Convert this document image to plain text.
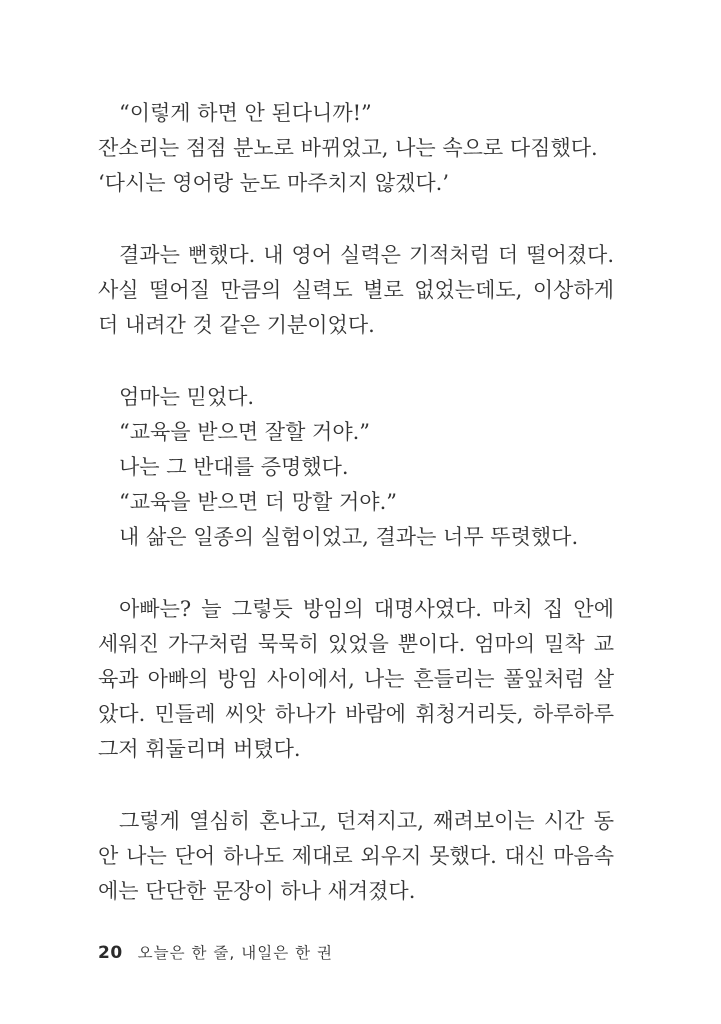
“이렇게 하면 안 된다니까!”

잔소리는 점점 분노로 바뀌었고, 나는 속으로 다짐했다.

‘다시는 영어랑 눈도 마주치지 않겠다.’

결과는 뻔했다. 내 영어 실력은 기적처럼 더 떨어졌다. 사실 떨어질 만큼의 실력도 별로 없었는데도, 이상하게 더 내려간 것 같은 기분이었다.

엄마는 믿었다.

“교육을 받으면 잘할 거야.”

나는 그 반대를 증명했다.

“교육을 받으면 더 망할 거야.”

내 삶은 일종의 실험이었고, 결과는 너무 뚜렷했다.

아빠는? 늘 그렇듯 방임의 대명사였다. 마치 집 안에 세워진 가구처럼 묵묵히 있었을 뿐이다. 엄마의 밀착 교육과 아빠의 방임 사이에서, 나는 흔들리는 풀잎처럼 살았다. 민들레 씨앗 하나가 바람에 휘청거리듯, 하루하루 그저 휘둘리며 버텼다.

그렇게 열심히 혼나고, 던져지고, 째려보이는 시간 동안 나는 단어 하나도 제대로 외우지 못했다. 대신 마음속에는 단단한 문장이 하나 새겨졌다.

20 오늘은 한 줄, 내일은 한 권
